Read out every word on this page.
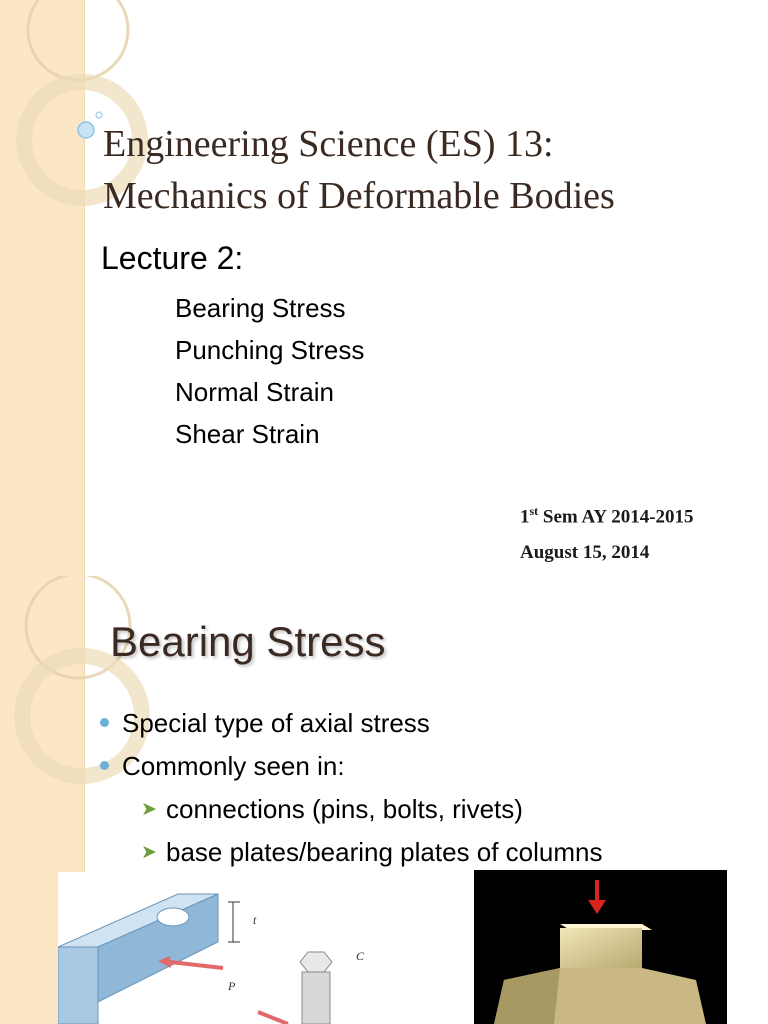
Engineering Science (ES) 13:
Mechanics of Deformable Bodies
Lecture 2:
Bearing Stress
Punching Stress
Normal Strain
Shear Strain
1st Sem AY 2014-2015
August 15, 2014
Bearing Stress
Special type of axial stress
Commonly seen in:
➤ connections (pins, bolts, rivets)
➤ base plates/bearing plates of columns
t
P
C
